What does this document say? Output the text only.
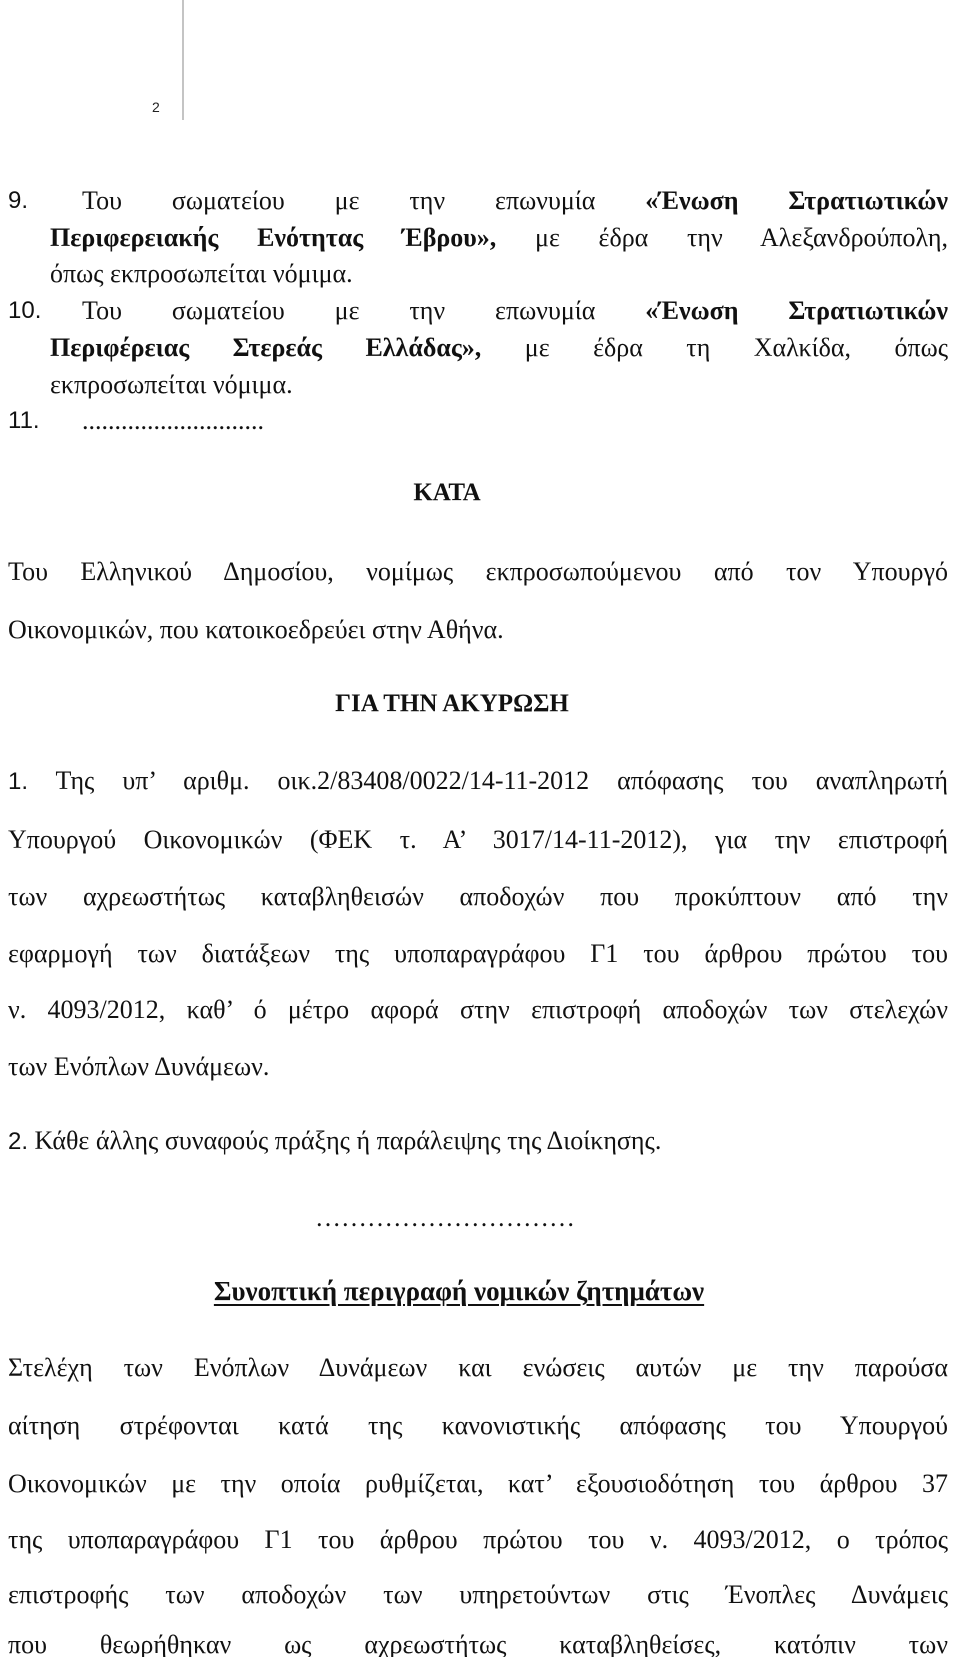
2
9. Του σωματείου με την επωνυμία «Ένωση Στρατιωτικών
Περιφερειακής Ενότητας Έβρου», με έδρα την Αλεξανδρούπολη,
όπως εκπροσωπείται νόμιμα.
10. Του σωματείου με την επωνυμία «Ένωση Στρατιωτικών
Περιφέρειας Στερεάς Ελλάδας», με έδρα τη Χαλκίδα, όπως
εκπροσωπείται νόμιμα.
11. ............................
ΚΑΤΑ
Του Ελληνικού Δημοσίου, νομίμως εκπροσωπούμενου από τον Υπουργό
Οικονομικών, που κατοικοεδρεύει στην Αθήνα.
ΓΙΑ ΤΗΝ ΑΚΥΡΩΣΗ
1. Της υπ’ αριθμ. οικ.2/83408/0022/14-11-2012 απόφασης του αναπληρωτή
Υπουργού Οικονομικών (ΦΕΚ τ. Α’ 3017/14-11-2012), για την επιστροφή
των αχρεωστήτως καταβληθεισών αποδοχών που προκύπτουν από την
εφαρμογή των διατάξεων της υποπαραγράφου Γ1 του άρθρου πρώτου του
ν. 4093/2012, καθ’ ό μέτρο αφορά στην επιστροφή αποδοχών των στελεχών
των Ενόπλων Δυνάμεων.
2. Κάθε άλλης συναφούς πράξης ή παράλειψης της Διοίκησης.
…………………………
Συνοπτική περιγραφή νομικών ζητημάτων
Στελέχη των Ενόπλων Δυνάμεων και ενώσεις αυτών με την παρούσα
αίτηση στρέφονται κατά της κανονιστικής απόφασης του Υπουργού
Οικονομικών με την οποία ρυθμίζεται, κατ’ εξουσιοδότηση του άρθρου 37
της υποπαραγράφου Γ1 του άρθρου πρώτου του ν. 4093/2012, ο τρόπος
επιστροφής των αποδοχών των υπηρετούντων στις Ένοπλες Δυνάμεις
που θεωρήθηκαν ως αχρεωστήτως καταβληθείσες, κατόπιν των
